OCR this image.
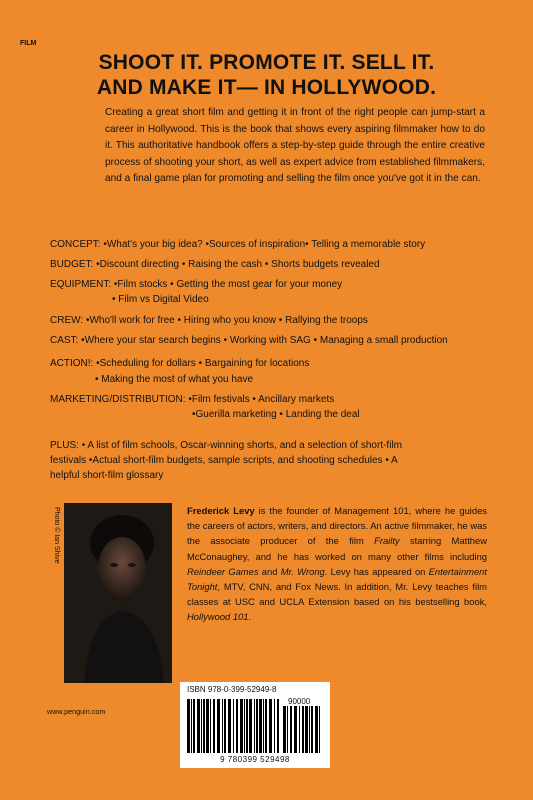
FILM
SHOOT IT. PROMOTE IT. SELL IT.
AND MAKE IT— IN HOLLYWOOD.
Creating a great short film and getting it in front of the right people can jump-start a career in Hollywood. This is the book that shows every aspiring filmmaker how to do it. This authoritative handbook offers a step-by-step guide through the entire creative process of shooting your short, as well as expert advice from established filmmakers, and a final game plan for promoting and selling the film once you've got it in the can.
CONCEPT: •What's your big idea? •Sources of inspiration• Telling a memorable story
BUDGET: •Discount directing • Raising the cash • Shorts budgets revealed
EQUIPMENT: •Film stocks • Getting the most gear for your money
• Film vs Digital Video
CREW: •Who'll work for free • Hiring who you know • Rallying the troops
CAST: •Where your star search begins • Working with SAG • Managing a small production
ACTION!: •Scheduling for dollars • Bargaining for locations
• Making the most of what you have
MARKETING/DISTRIBUTION: •Film festivals • Ancillary markets
•Guerilla marketing • Landing the deal
PLUS: • A list of film schools, Oscar-winning shorts, and a selection of short-film festivals •Actual short-film budgets, sample scripts, and shooting schedules • A helpful short-film glossary
Photo © Ian Shive	Frederick Levy is the founder of Management 101, where he guides the careers of actors, writers, and directors. An active filmmaker, he was the associate producer of the film Frailty starring Matthew McConaughey, and he has worked on many other films including Reindeer Games and Mr. Wrong. Levy has appeared on Entertainment Tonight, MTV, CNN, and Fox News. In addition, Mr. Levy teaches film classes at USC and UCLA Extension based on his bestselling book, Hollywood 101.
www.penguin.com
ISBN 978-0-399-52949-8
90000
9 780399 529498
